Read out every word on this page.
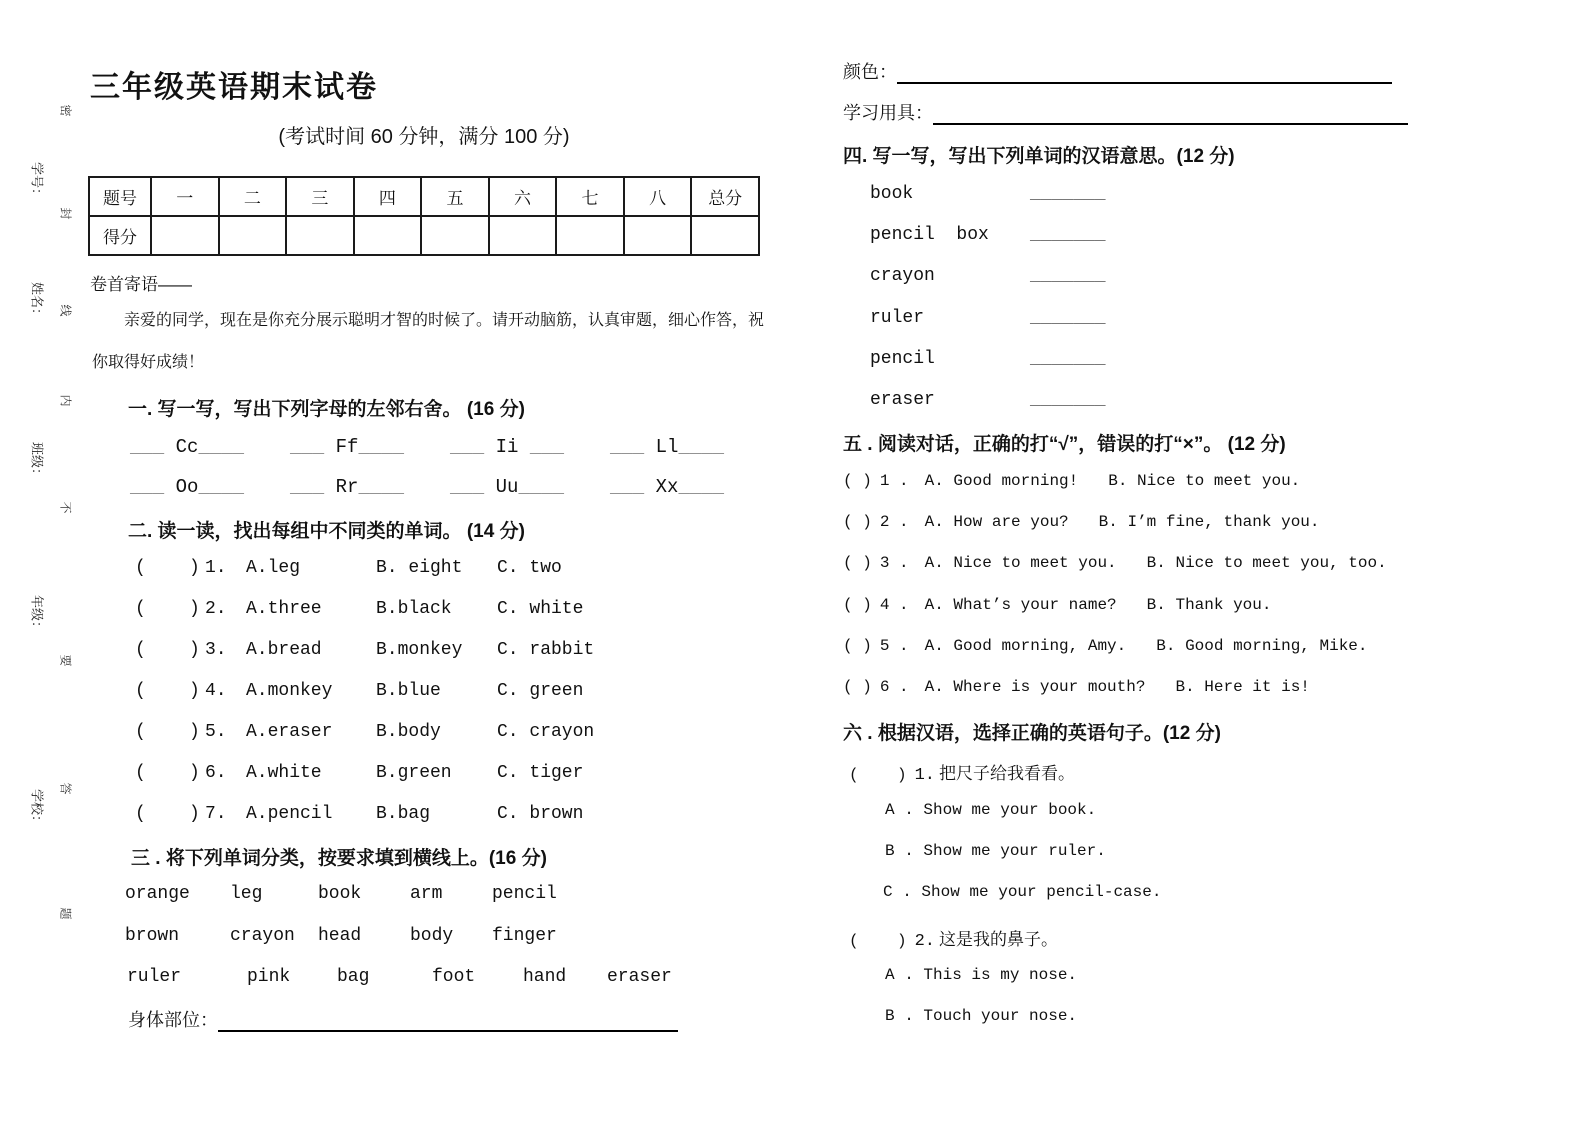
密
学号：
封
姓名： 线
内
班级：
不
年级：
要
答
学校：
题
三年级英语期末试卷
(考试时间 60 分钟，满分 100 分)
题号	一	二	三	四	五	六	七	八	总分
得分									
卷首寄语——
亲爱的同学，现在是你充分展示聪明才智的时候了。请开动脑筋，认真审题，细心作答，祝你取得好成绩！
一. 写一写，写出下列字母的左邻右舍。 (16 分)
___ Cc____	___ Ff____	___ Ii ___	___ Ll____
___ Oo____	___ Rr____	___ Uu____	___ Xx____
二. 读一读，找出每组中不同类的单词。 (14 分)
(    ) 1.	A.leg	B. eight	C. two
(    ) 2.	A.three	B.black	C. white
(    ) 3.	A.bread	B.monkey	C. rabbit
(    ) 4.	A.monkey	B.blue	C. green
(    ) 5.	A.eraser	B.body	C. crayon
(    ) 6.	A.white	B.green	C. tiger
(    ) 7.	A.pencil	B.bag	C. brown
三 . 将下列单词分类，按要求填到横线上。(16 分)
orange	leg	book	arm	pencil
brown	crayon	head	body	finger
ruler	pink	bag	foot	hand	eraser
身体部位：
颜色：
学习用具：
四. 写一写，写出下列单词的汉语意思。(12 分)
book	_______
pencil  box	_______
crayon	_______
ruler	_______
pencil	_______
eraser	_______
五 . 阅读对话，正确的打“√”，错误的打“×”。 (12 分)
( ) 1 . A. Good morning! B. Nice to meet you.
( ) 2 . A. How are you? B. I’m fine, thank you.
( ) 3 . A. Nice to meet you. B. Nice to meet you, too.
( ) 4 . A. What’s your name? B. Thank you.
( ) 5 . A. Good morning, Amy. B. Good morning, Mike.
( ) 6 . A. Where is your mouth? B. Here it is!
六 . 根据汉语，选择正确的英语句子。(12 分)
(    ) 1. 把尺子给我看看。
A . Show me your book.
B . Show me your ruler.
C . Show me your pencil-case.
(    ) 2. 这是我的鼻子。
A . This is my nose.
B . Touch your nose.
